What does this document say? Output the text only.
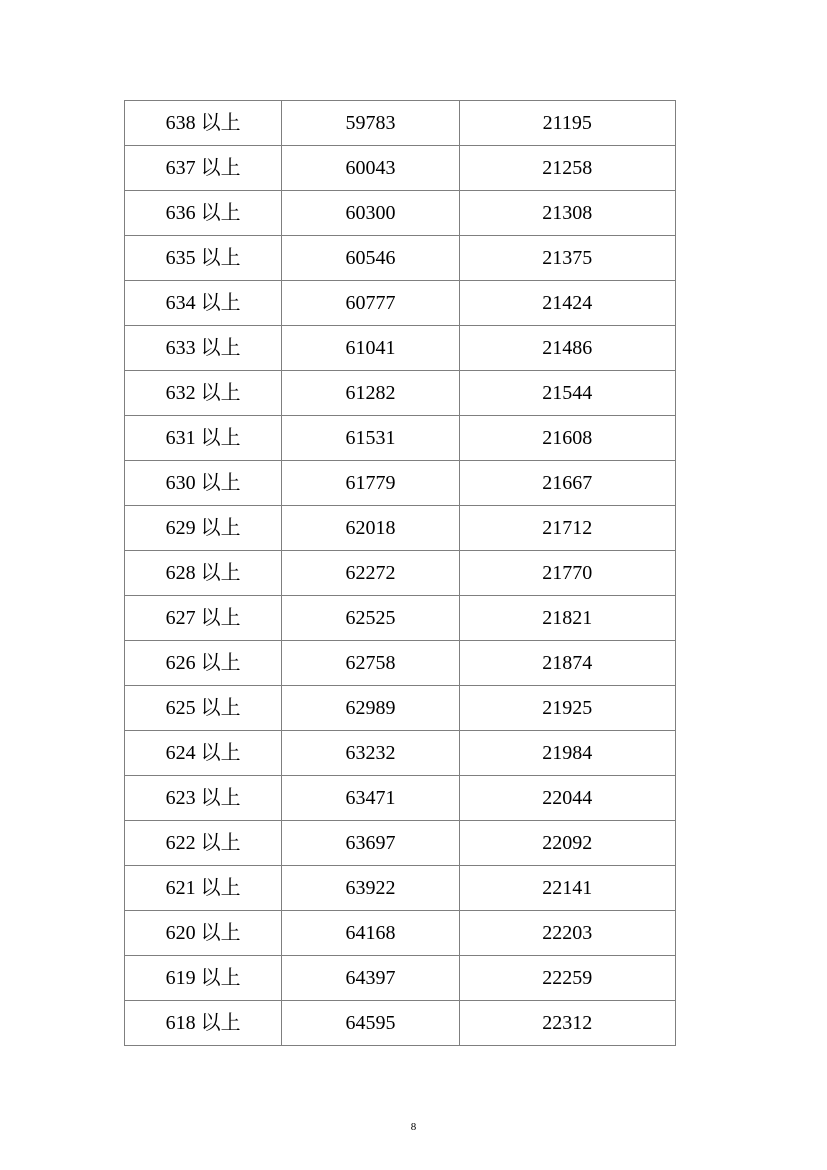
638 以上	59783	21195
637 以上	60043	21258
636 以上	60300	21308
635 以上	60546	21375
634 以上	60777	21424
633 以上	61041	21486
632 以上	61282	21544
631 以上	61531	21608
630 以上	61779	21667
629 以上	62018	21712
628 以上	62272	21770
627 以上	62525	21821
626 以上	62758	21874
625 以上	62989	21925
624 以上	63232	21984
623 以上	63471	22044
622 以上	63697	22092
621 以上	63922	22141
620 以上	64168	22203
619 以上	64397	22259
618 以上	64595	22312
8
